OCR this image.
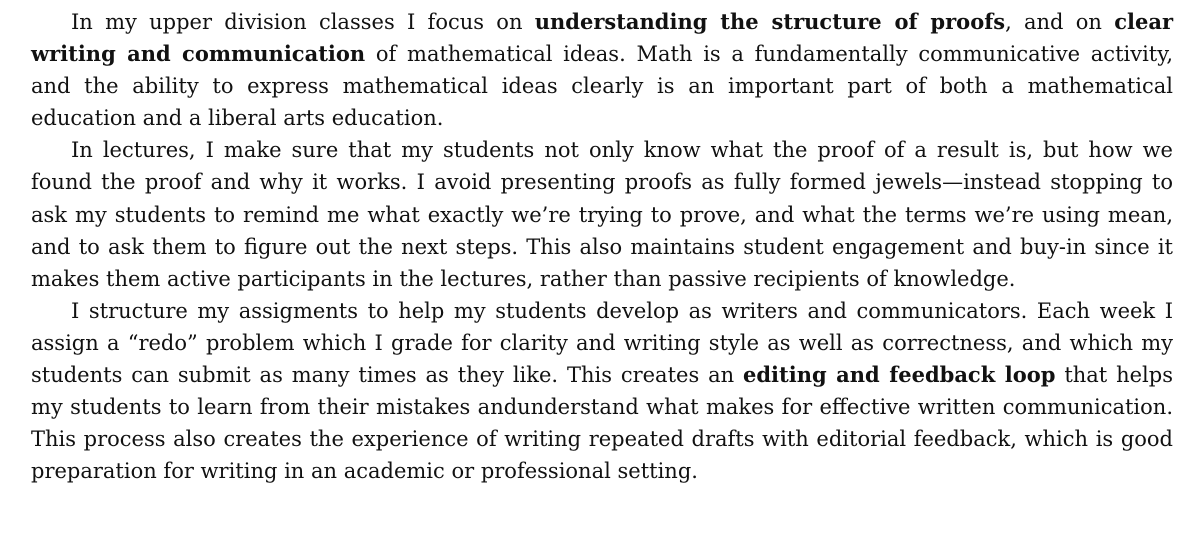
In my upper division classes I focus on understanding the structure of proofs, and on clear writing and communication of mathematical ideas. Math is a fundamentally communicative activity, and the ability to express mathematical ideas clearly is an important part of both a mathematical education and a liberal arts education.

In lectures, I make sure that my students not only know what the proof of a result is, but how we found the proof and why it works. I avoid presenting proofs as fully formed jewels—instead stopping to ask my students to remind me what exactly we’re trying to prove, and what the terms we’re using mean, and to ask them to figure out the next steps. This also maintains student engagement and buy-in since it makes them active participants in the lectures, rather than passive recipients of knowledge.

I structure my assigments to help my students develop as writers and communicators. Each week I assign a “redo” problem which I grade for clarity and writing style as well as correctness, and which my students can submit as many times as they like. This creates an editing and feedback loop that helps my students to learn from their mistakes andunderstand what makes for effective written communication. This process also creates the experience of writing repeated drafts with editorial feedback, which is good preparation for writing in an academic or professional setting.
